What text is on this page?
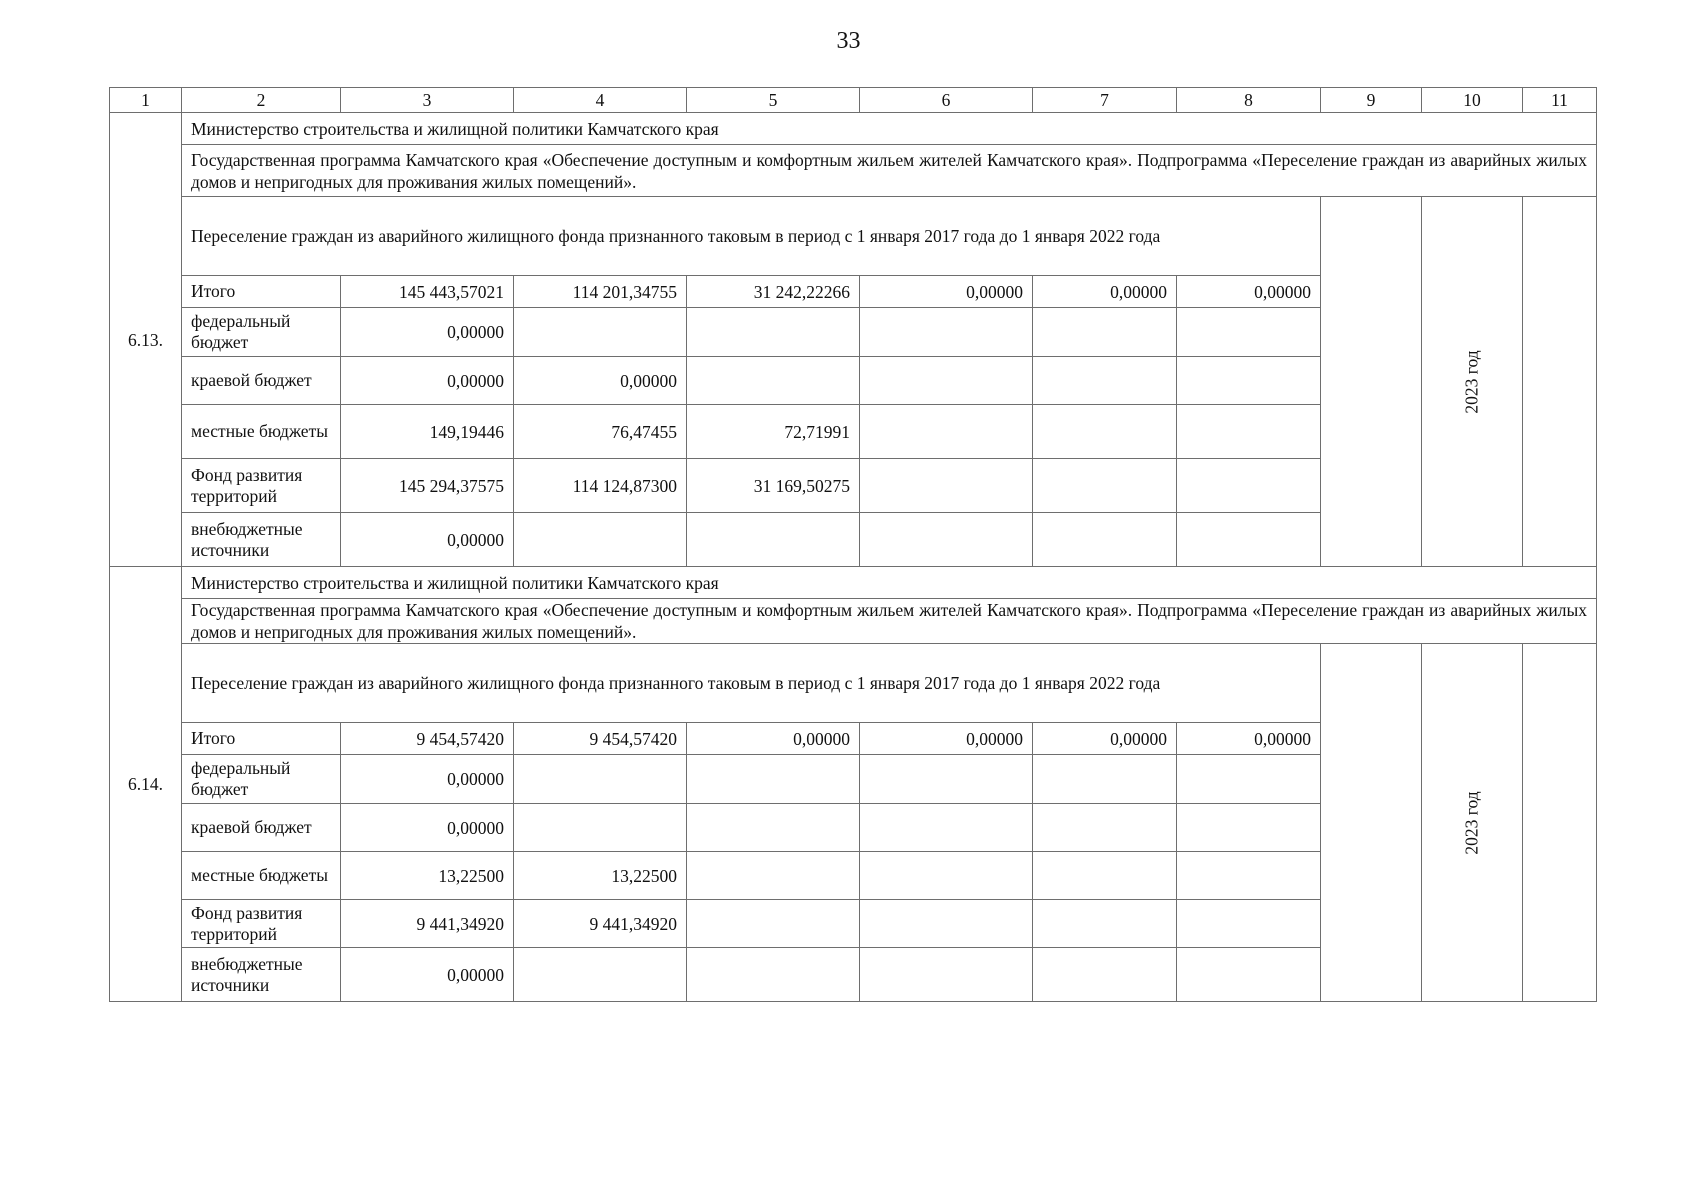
33
1	2	3	4	5	6	7	8	9	10	11
6.13.	Министерство строительства и жилищной политики Камчатского края									
	Государственная программа Камчатского края «Обеспечение доступным и комфортным жильем жителей Камчатского края». Подпрограмма «Переселение граждан из аварийных жилых домов и непригодных для проживания жилых помещений».									
	Переселение граждан из аварийного жилищного фонда признанного таковым в период с 1 января 2017 года до 1 января 2022 года								2023 год	
	Итого	145 443,57021	114 201,34755	31 242,22266	0,00000	0,00000	0,00000			
	федеральный бюджет	0,00000								
	краевой бюджет	0,00000	0,00000							
	местные бюджеты	149,19446	76,47455	72,71991						
	Фонд развития территорий	145 294,37575	114 124,87300	31 169,50275						
	внебюджетные источники	0,00000								
6.14.	Министерство строительства и жилищной политики Камчатского края									
	Государственная программа Камчатского края «Обеспечение доступным и комфортным жильем жителей Камчатского края». Подпрограмма «Переселение граждан из аварийных жилых домов и непригодных для проживания жилых помещений».									
	Переселение граждан из аварийного жилищного фонда признанного таковым в период с 1 января 2017 года до 1 января 2022 года								2023 год	
	Итого	9 454,57420	9 454,57420	0,00000	0,00000	0,00000	0,00000			
	федеральный бюджет	0,00000								
	краевой бюджет	0,00000								
	местные бюджеты	13,22500	13,22500							
	Фонд развития территорий	9 441,34920	9 441,34920							
	внебюджетные источники	0,00000								
